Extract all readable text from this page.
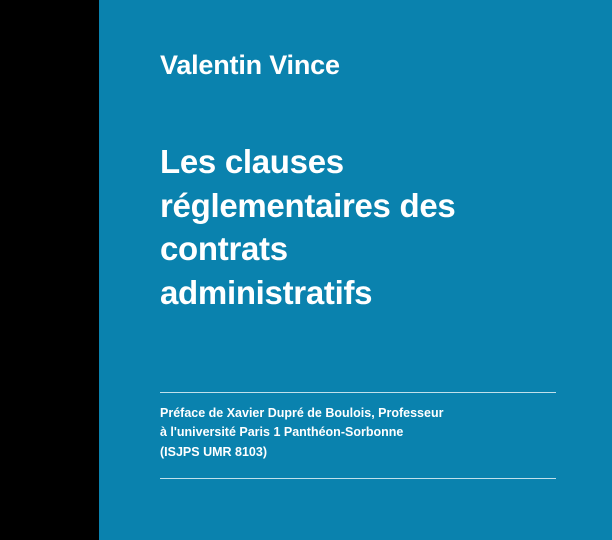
Valentin Vince
Les clauses réglementaires des contrats administratifs
Préface de Xavier Dupré de Boulois, Professeur
à l'université Paris 1 Panthéon-Sorbonne
(ISJPS UMR 8103)
